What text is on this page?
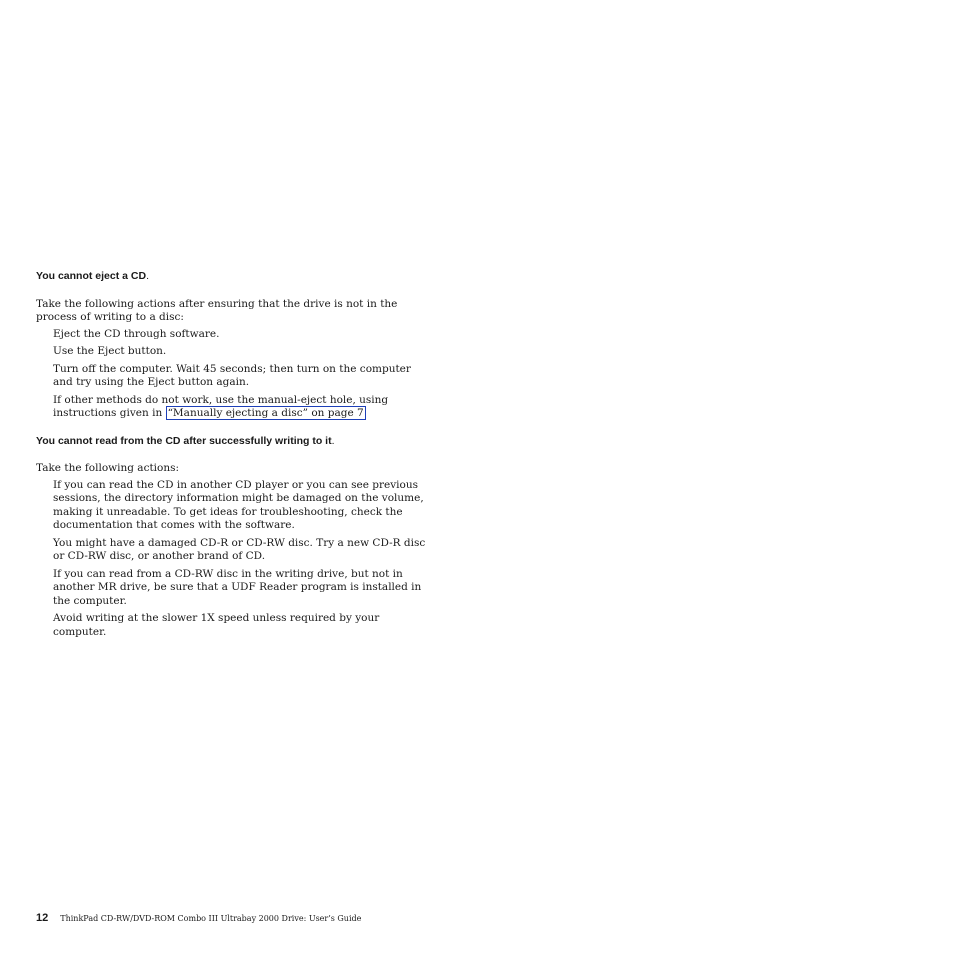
You cannot eject a CD.

Take the following actions after ensuring that the drive is not in the process of writing to a disc:

Eject the CD through software.
Use the Eject button.
Turn off the computer. Wait 45 seconds; then turn on the computer and try using the Eject button again.
If other methods do not work, use the manual-eject hole, using instructions given in “Manually ejecting a disc” on page 7

You cannot read from the CD after successfully writing to it.

Take the following actions:

If you can read the CD in another CD player or you can see previous sessions, the directory information might be damaged on the volume, making it unreadable. To get ideas for troubleshooting, check the documentation that comes with the software.
You might have a damaged CD-R or CD-RW disc. Try a new CD-R disc or CD-RW disc, or another brand of CD.
If you can read from a CD-RW disc in the writing drive, but not in another MR drive, be sure that a UDF Reader program is installed in the computer.
Avoid writing at the slower 1X speed unless required by your computer.
12 ThinkPad CD-RW/DVD-ROM Combo III Ultrabay 2000 Drive: User’s Guide
